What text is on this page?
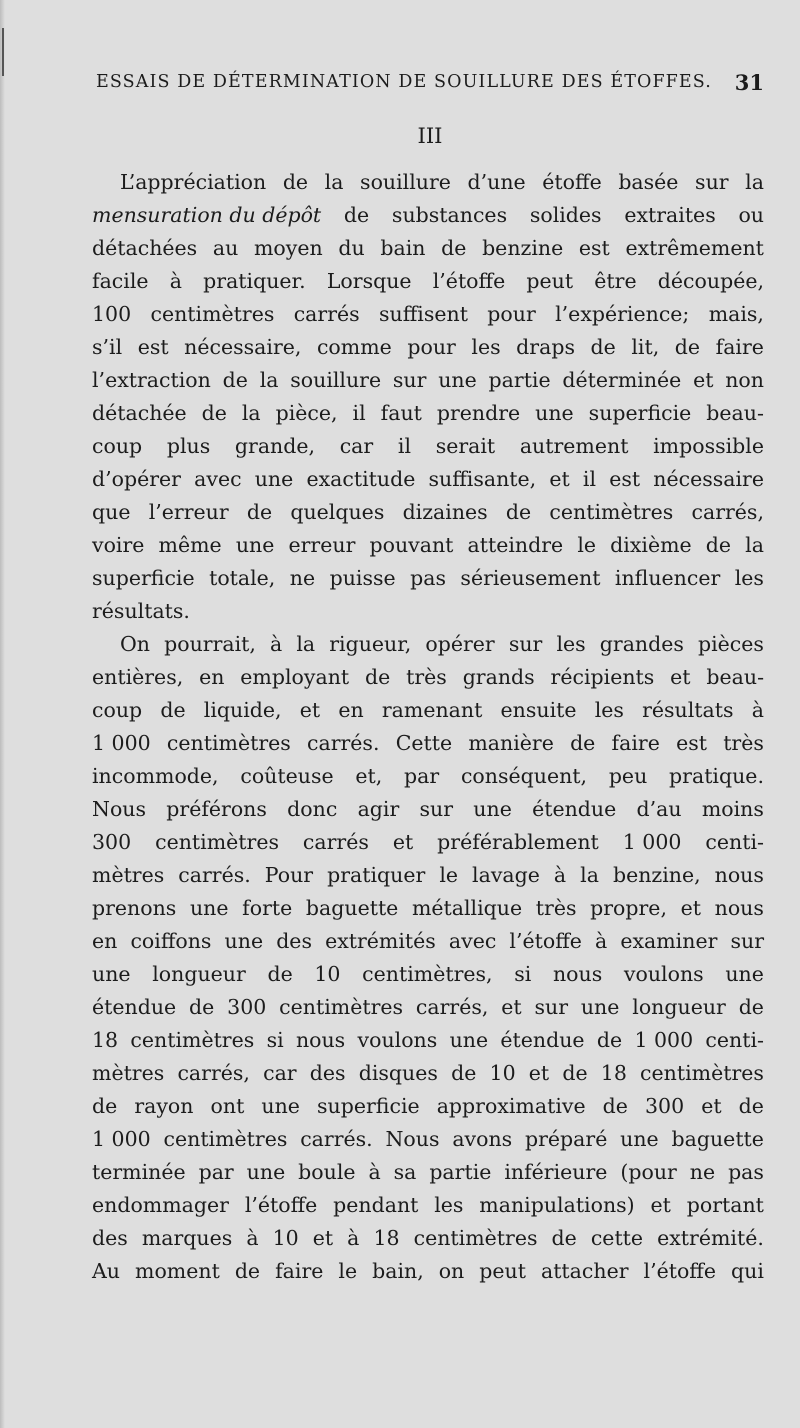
ESSAIS DE DÉTERMINATION DE SOUILLURE DES ÉTOFFES. 31
III
L’appréciation de la souillure d’une étoffe basée sur la
mensuration du dépôt de substances solides extraites ou
détachées au moyen du bain de benzine est extrêmement
facile à pratiquer. Lorsque l’étoffe peut être découpée,
100 centimètres carrés suffisent pour l’expérience; mais,
s’il est nécessaire, comme pour les draps de lit, de faire
l’extraction de la souillure sur une partie déterminée et non
détachée de la pièce, il faut prendre une superficie beau-
coup plus grande, car il serait autrement impossible
d’opérer avec une exactitude suffisante, et il est nécessaire
que l’erreur de quelques dizaines de centimètres carrés,
voire même une erreur pouvant atteindre le dixième de la
superficie totale, ne puisse pas sérieusement influencer les
résultats.
On pourrait, à la rigueur, opérer sur les grandes pièces
entières, en employant de très grands récipients et beau-
coup de liquide, et en ramenant ensuite les résultats à
1 000 centimètres carrés. Cette manière de faire est très
incommode, coûteuse et, par conséquent, peu pratique.
Nous préférons donc agir sur une étendue d’au moins
300 centimètres carrés et préférablement 1 000 centi-
mètres carrés. Pour pratiquer le lavage à la benzine, nous
prenons une forte baguette métallique très propre, et nous
en coiffons une des extrémités avec l’étoffe à examiner sur
une longueur de 10 centimètres, si nous voulons une
étendue de 300 centimètres carrés, et sur une longueur de
18 centimètres si nous voulons une étendue de 1 000 centi-
mètres carrés, car des disques de 10 et de 18 centimètres
de rayon ont une superficie approximative de 300 et de
1 000 centimètres carrés. Nous avons préparé une baguette
terminée par une boule à sa partie inférieure (pour ne pas
endommager l’étoffe pendant les manipulations) et portant
des marques à 10 et à 18 centimètres de cette extrémité.
Au moment de faire le bain, on peut attacher l’étoffe qui
